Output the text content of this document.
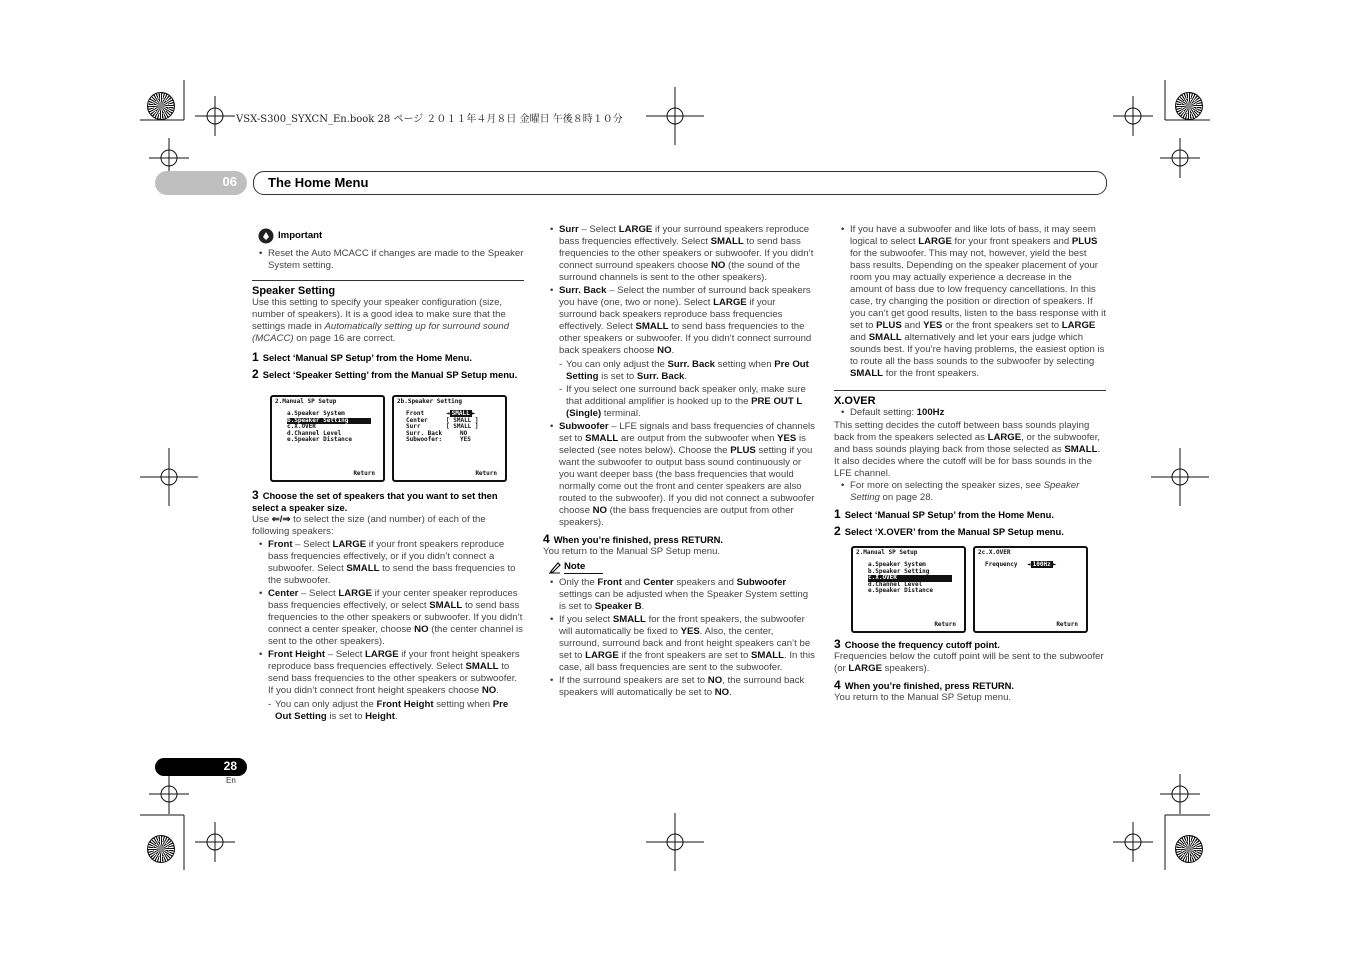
VSX-S300_SYXCN_En.book 28 ページ ２０１１年４月８日 金曜日 午後８時１０分
06 The Home Menu
28
En
Important
• Reset the Auto MCACC if changes are made to the Speaker System setting.

Speaker Setting

Use this setting to specify your speaker configuration (size, number of speakers). It is a good idea to make sure that the settings made in Automatically setting up for surround sound (MCACC) on page 16 are correct.

1 Select ‘Manual SP Setup’ from the Home Menu.

2 Select ‘Speaker Setting’ from the Manual SP Setup menu.

2.Manual SP Setup
a.Speaker System
b.Speaker Setting
c.X.OVER
d.Channel Level
e.Speaker Distance
Return
2b.Speaker Setting
Front
Center
Surr
Surr. Back
Subwoofer:
◄ SMALL ►
[ SMALL ]
[ SMALL ]
NO
YES
Return

3 Choose the set of speakers that you want to set then select a speaker size.

Use ⇐/⇒ to select the size (and number) of each of the following speakers:

• Front – Select LARGE if your front speakers reproduce bass frequencies effectively, or if you didn’t connect a subwoofer. Select SMALL to send the bass frequencies to the subwoofer.
• Center – Select LARGE if your center speaker reproduces bass frequencies effectively, or select SMALL to send bass frequencies to the other speakers or subwoofer. If you didn’t connect a center speaker, choose NO (the center channel is sent to the other speakers).
• Front Height – Select LARGE if your front height speakers reproduce bass frequencies effectively. Select SMALL to send bass frequencies to the other speakers or subwoofer. If you didn’t connect front height speakers choose NO.
- You can only adjust the Front Height setting when Pre Out Setting is set to Height.
• Surr – Select LARGE if your surround speakers reproduce bass frequencies effectively. Select SMALL to send bass frequencies to the other speakers or subwoofer. If you didn’t connect surround speakers choose NO (the sound of the surround channels is sent to the other speakers).
• Surr. Back – Select the number of surround back speakers you have (one, two or none). Select LARGE if your surround back speakers reproduce bass frequencies effectively. Select SMALL to send bass frequencies to the other speakers or subwoofer. If you didn’t connect surround back speakers choose NO.
- You can only adjust the Surr. Back setting when Pre Out Setting is set to Surr. Back.
- If you select one surround back speaker only, make sure that additional amplifier is hooked up to the PRE OUT L (Single) terminal.
• Subwoofer – LFE signals and bass frequencies of channels set to SMALL are output from the subwoofer when YES is selected (see notes below). Choose the PLUS setting if you want the subwoofer to output bass sound continuously or you want deeper bass (the bass frequencies that would normally come out the front and center speakers are also routed to the subwoofer). If you did not connect a subwoofer choose NO (the bass frequencies are output from other speakers).

4 When you’re finished, press RETURN.

You return to the Manual SP Setup menu.

Note
• Only the Front and Center speakers and Subwoofer settings can be adjusted when the Speaker System setting is set to Speaker B.
• If you select SMALL for the front speakers, the subwoofer will automatically be fixed to YES. Also, the center, surround, surround back and front height speakers can’t be set to LARGE if the front speakers are set to SMALL. In this case, all bass frequencies are sent to the subwoofer.
• If the surround speakers are set to NO, the surround back speakers will automatically be set to NO.
• If you have a subwoofer and like lots of bass, it may seem logical to select LARGE for your front speakers and PLUS for the subwoofer. This may not, however, yield the best bass results. Depending on the speaker placement of your room you may actually experience a decrease in the amount of bass due to low frequency cancellations. In this case, try changing the position or direction of speakers. If you can’t get good results, listen to the bass response with it set to PLUS and YES or the front speakers set to LARGE and SMALL alternatively and let your ears judge which sounds best. If you’re having problems, the easiest option is to route all the bass sounds to the subwoofer by selecting SMALL for the front speakers.

X.OVER

• Default setting: 100Hz

This setting decides the cutoff between bass sounds playing back from the speakers selected as LARGE, or the subwoofer, and bass sounds playing back from those selected as SMALL. It also decides where the cutoff will be for bass sounds in the LFE channel.

• For more on selecting the speaker sizes, see Speaker Setting on page 28.

1 Select ‘Manual SP Setup’ from the Home Menu.

2 Select ‘X.OVER’ from the Manual SP Setup menu.

2.Manual SP Setup
a.Speaker System
b.Speaker Setting
c.X.OVER
d.Channel Level
e.Speaker Distance
Return
2c.X.OVER
Frequency ◄ 100Hz ►
Return

3 Choose the frequency cutoff point.

Frequencies below the cutoff point will be sent to the subwoofer (or LARGE speakers).

4 When you’re finished, press RETURN.

You return to the Manual SP Setup menu.
